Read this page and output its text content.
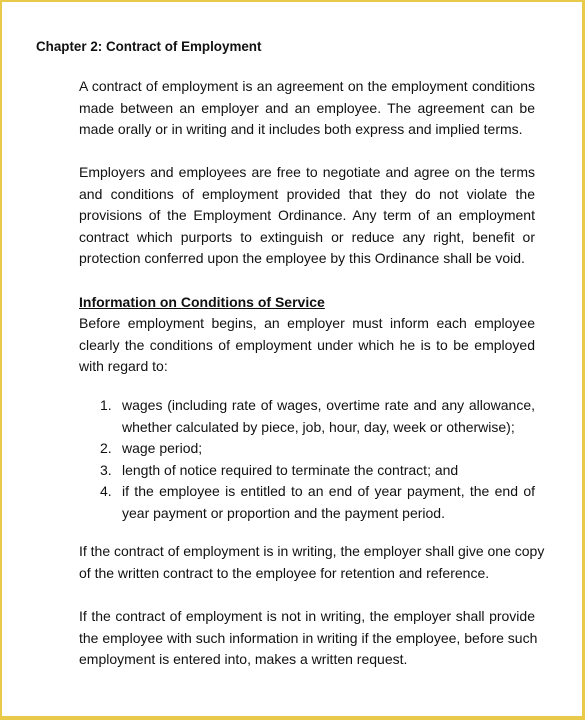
Chapter 2: Contract of Employment

A contract of employment is an agreement on the employment conditions
made between an employer and an employee. The agreement can be
made orally or in writing and it includes both express and implied terms.

Employers and employees are free to negotiate and agree on the terms
and conditions of employment provided that they do not violate the
provisions of the Employment Ordinance. Any term of an employment
contract which purports to extinguish or reduce any right, benefit or
protection conferred upon the employee by this Ordinance shall be void.

Information on Conditions of Service

Before employment begins, an employer must inform each employee
clearly the conditions of employment under which he is to be employed
with regard to:

1. wages (including rate of wages, overtime rate and any allowance,
whether calculated by piece, job, hour, day, week or otherwise);
2. wage period;
3. length of notice required to terminate the contract; and
4. if the employee is entitled to an end of year payment, the end of
year payment or proportion and the payment period.

If the contract of employment is in writing, the employer shall give one copy
of the written contract to the employee for retention and reference.

If the contract of employment is not in writing, the employer shall provide
the employee with such information in writing if the employee, before such
employment is entered into, makes a written request.
